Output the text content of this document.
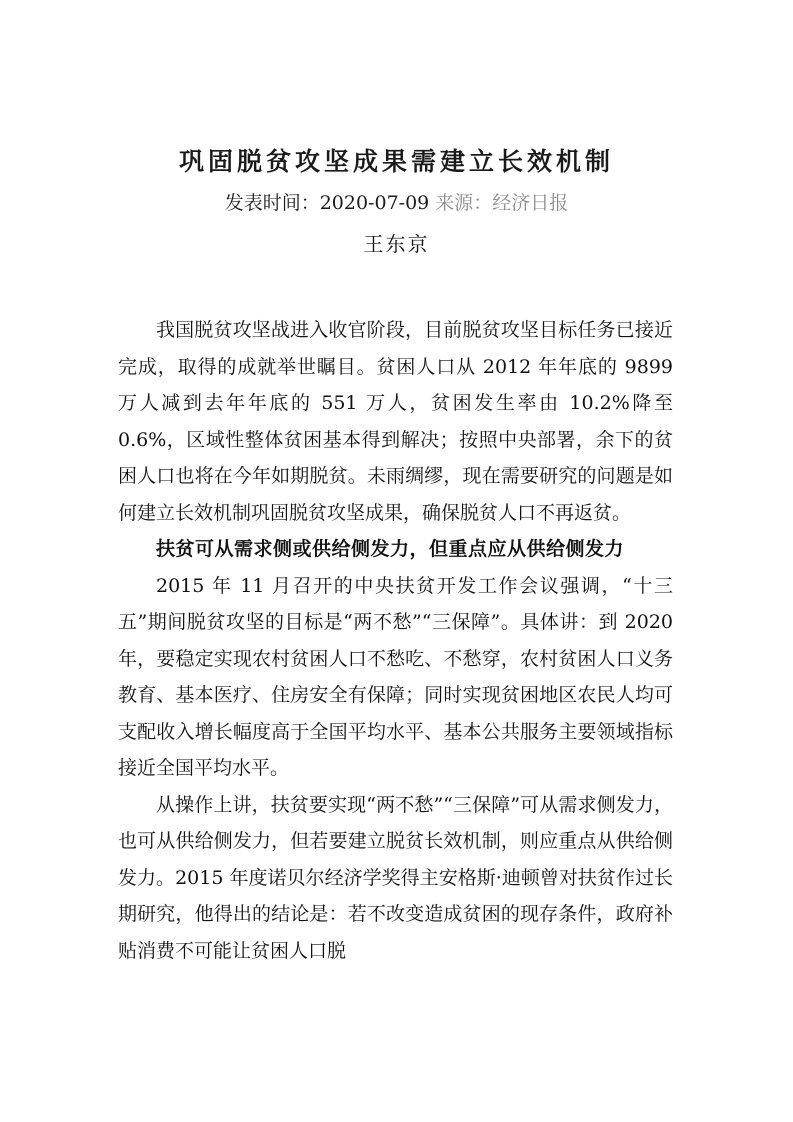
巩固脱贫攻坚成果需建立长效机制
发表时间：2020-07-09 来源：经济日报
王东京

我国脱贫攻坚战进入收官阶段，目前脱贫攻坚目标任务已接近完成，取得的成就举世瞩目。贫困人口从 2012 年年底的 9899 万人减到去年年底的 551 万人，贫困发生率由 10.2%降至 0.6%，区域性整体贫困基本得到解决；按照中央部署，余下的贫困人口也将在今年如期脱贫。未雨绸缪，现在需要研究的问题是如何建立长效机制巩固脱贫攻坚成果，确保脱贫人口不再返贫。

扶贫可从需求侧或供给侧发力，但重点应从供给侧发力

2015 年 11 月召开的中央扶贫开发工作会议强调，“十三五”期间脱贫攻坚的目标是“两不愁”“三保障”。具体讲：到 2020 年，要稳定实现农村贫困人口不愁吃、不愁穿，农村贫困人口义务教育、基本医疗、住房安全有保障；同时实现贫困地区农民人均可支配收入增长幅度高于全国平均水平、基本公共服务主要领域指标接近全国平均水平。

从操作上讲，扶贫要实现“两不愁”“三保障”可从需求侧发力，也可从供给侧发力，但若要建立脱贫长效机制，则应重点从供给侧发力。2015 年度诺贝尔经济学奖得主安格斯·迪顿曾对扶贫作过长期研究，他得出的结论是：若不改变造成贫困的现存条件，政府补贴消费不可能让贫困人口脱
